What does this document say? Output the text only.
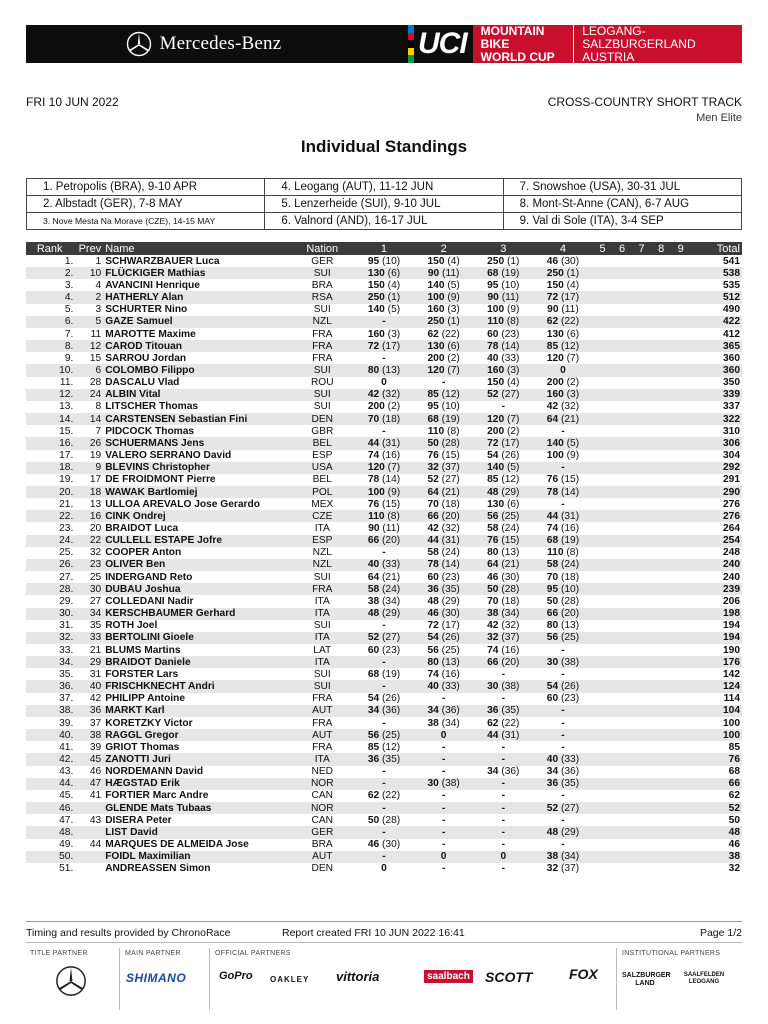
Mercedes-Benz	UCI MOUNTAIN BIKE
WORLD CUP
LEOGANG-SALZBURGERLAND
AUSTRIA
FRI 10 JUN 2022	CROSS-COUNTRY SHORT TRACK
Men Elite
Individual Standings
1. Petropolis (BRA), 9-10 APR	4. Leogang (AUT), 11-12 JUN	7. Snowshoe (USA), 30-31 JUL
2. Albstadt (GER), 7-8 MAY	5. Lenzerheide (SUI), 9-10 JUL	8. Mont-St-Anne (CAN), 6-7 AUG
3. Nove Mesta Na Morave (CZE), 14-15 MAY	6. Valnord (AND), 16-17 JUL	9. Val di Sole (ITA), 3-4 SEP
Rank	Prev	Name	Nation	1	2	3	4	5	6	7	8	9	Total
1.	1	SCHWARZBAUER Luca	GER	95 (10)	150 (4)	250 (1)	46 (30)						541
2.	10	FLÜCKIGER Mathias	SUI	130 (6)	90 (11)	68 (19)	250 (1)						538
3.	4	AVANCINI Henrique	BRA	150 (4)	140 (5)	95 (10)	150 (4)						535
4.	2	HATHERLY Alan	RSA	250 (1)	100 (9)	90 (11)	72 (17)						512
5.	3	SCHURTER Nino	SUI	140 (5)	160 (3)	100 (9)	90 (11)						490
6.	5	GAZE Samuel	NZL	-	250 (1)	110 (8)	62 (22)						422
7.	11	MAROTTE Maxime	FRA	160 (3)	62 (22)	60 (23)	130 (6)						412
8.	12	CAROD Titouan	FRA	72 (17)	130 (6)	78 (14)	85 (12)						365
9.	15	SARROU Jordan	FRA	-	200 (2)	40 (33)	120 (7)						360
10.	6	COLOMBO Filippo	SUI	80 (13)	120 (7)	160 (3)	0						360
11.	28	DASCALU Vlad	ROU	0	-	150 (4)	200 (2)						350
12.	24	ALBIN Vital	SUI	42 (32)	85 (12)	52 (27)	160 (3)						339
13.	8	LITSCHER Thomas	SUI	200 (2)	95 (10)	-	42 (32)						337
14.	14	CARSTENSEN Sebastian Fini	DEN	70 (18)	68 (19)	120 (7)	64 (21)						322
15.	7	PIDCOCK Thomas	GBR	-	110 (8)	200 (2)	-						310
16.	26	SCHUERMANS Jens	BEL	44 (31)	50 (28)	72 (17)	140 (5)						306
17.	19	VALERO SERRANO David	ESP	74 (16)	76 (15)	54 (26)	100 (9)						304
18.	9	BLEVINS Christopher	USA	120 (7)	32 (37)	140 (5)	-						292
19.	17	DE FROIDMONT Pierre	BEL	78 (14)	52 (27)	85 (12)	76 (15)						291
20.	18	WAWAK Bartlomiej	POL	100 (9)	64 (21)	48 (29)	78 (14)						290
21.	13	ULLOA AREVALO Jose Gerardo	MEX	76 (15)	70 (18)	130 (6)	-						276
22.	16	CINK Ondrej	CZE	110 (8)	66 (20)	56 (25)	44 (31)						276
23.	20	BRAIDOT Luca	ITA	90 (11)	42 (32)	58 (24)	74 (16)						264
24.	22	CULLELL ESTAPE Jofre	ESP	66 (20)	44 (31)	76 (15)	68 (19)						254
25.	32	COOPER Anton	NZL	-	58 (24)	80 (13)	110 (8)						248
26.	23	OLIVER Ben	NZL	40 (33)	78 (14)	64 (21)	58 (24)						240
27.	25	INDERGAND Reto	SUI	64 (21)	60 (23)	46 (30)	70 (18)						240
28.	30	DUBAU Joshua	FRA	58 (24)	36 (35)	50 (28)	95 (10)						239
29.	27	COLLEDANI Nadir	ITA	38 (34)	48 (29)	70 (18)	50 (28)						206
30.	34	KERSCHBAUMER Gerhard	ITA	48 (29)	46 (30)	38 (34)	66 (20)						198
31.	35	ROTH Joel	SUI	-	72 (17)	42 (32)	80 (13)						194
32.	33	BERTOLINI Gioele	ITA	52 (27)	54 (26)	32 (37)	56 (25)						194
33.	21	BLUMS Martins	LAT	60 (23)	56 (25)	74 (16)	-						190
34.	29	BRAIDOT Daniele	ITA	-	80 (13)	66 (20)	30 (38)						176
35.	31	FORSTER Lars	SUI	68 (19)	74 (16)	-	-						142
36.	40	FRISCHKNECHT Andri	SUI	-	40 (33)	30 (38)	54 (26)						124
37.	42	PHILIPP Antoine	FRA	54 (26)	-	-	60 (23)						114
38.	36	MARKT Karl	AUT	34 (36)	34 (36)	36 (35)	-						104
39.	37	KORETZKY Victor	FRA	-	38 (34)	62 (22)	-						100
40.	38	RAGGL Gregor	AUT	56 (25)	0	44 (31)	-						100
41.	39	GRIOT Thomas	FRA	85 (12)	-	-	-						85
42.	45	ZANOTTI Juri	ITA	36 (35)	-	-	40 (33)						76
43.	46	NORDEMANN David	NED	-	-	34 (36)	34 (36)						68
44.	47	HÆGSTAD Erik	NOR	-	30 (38)	-	36 (35)						66
45.	41	FORTIER Marc Andre	CAN	62 (22)	-	-	-						62
46.		GLENDE Mats Tubaas	NOR	-	-	-	52 (27)						52
47.	43	DISERA Peter	CAN	50 (28)	-	-	-						50
48.		LIST David	GER	-	-	-	48 (29)						48
49.	44	MARQUES DE ALMEIDA Jose	BRA	46 (30)	-	-	-						46
50.		FOIDL Maximilian	AUT	-	0	0	38 (34)						38
51.		ANDREASSEN Simon	DEN	0	-	-	32 (37)						32
Timing and results provided by ChronoRace	Report created FRI 10 JUN 2022 16:41	Page 1/2
TITLE PARTNER	MAIN PARTNER	OFFICIAL PARTNERS	INSTITUTIONAL PARTNERS
SHIMANO	GoPro OAKLEY vittoria	saalbach SCOTT	FOX	SALZBURGER LAND
SAALFELDEN LEOGANG
